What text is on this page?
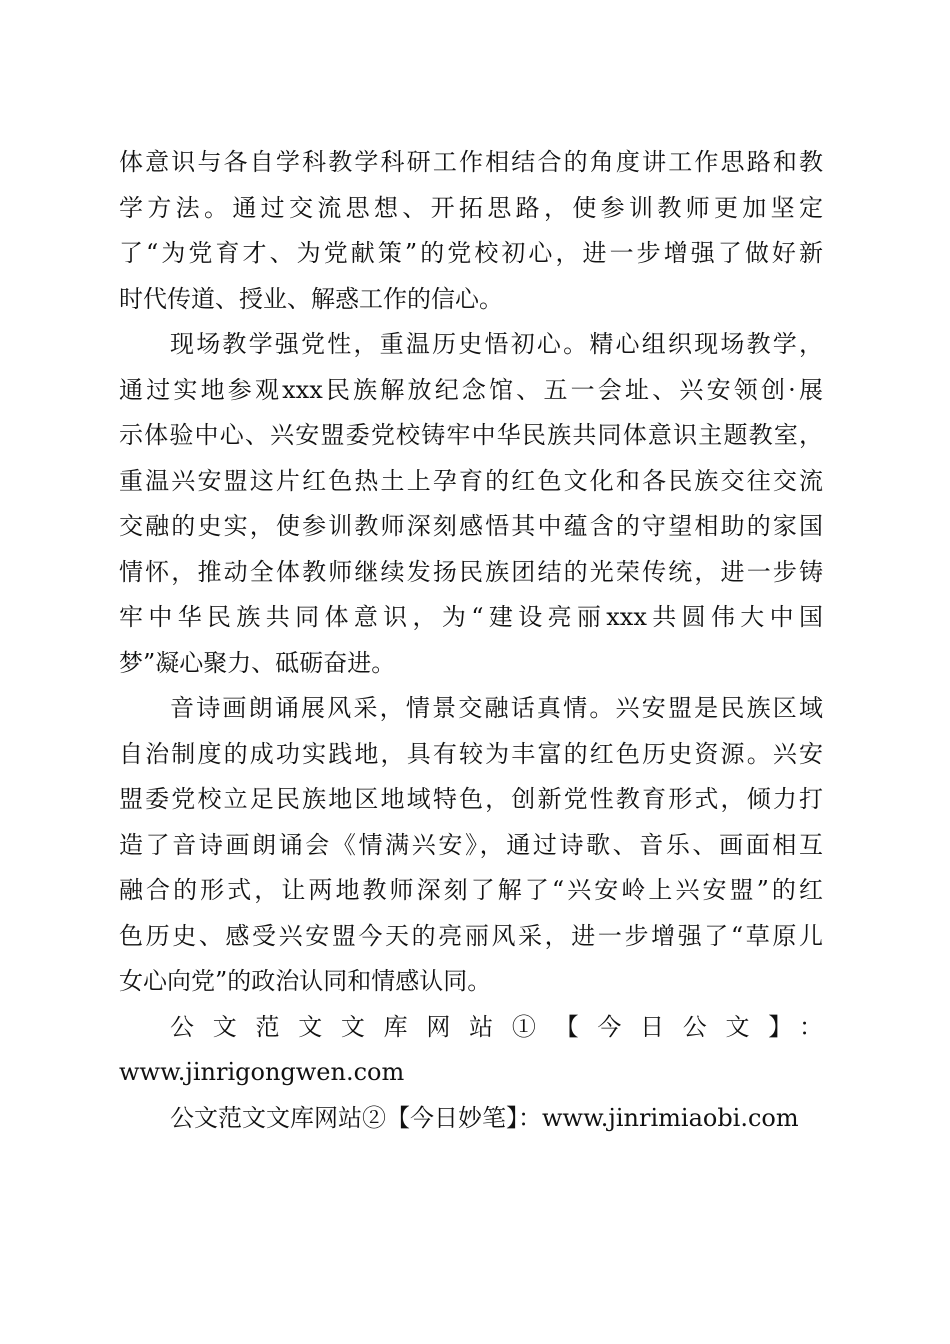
体意识与各自学科教学科研工作相结合的角度讲工作思路和教
学方法。通过交流思想、开拓思路，使参训教师更加坚定
了“为党育才、为党献策”的党校初心，进一步增强了做好新
时代传道、授业、解惑工作的信心。
现场教学强党性，重温历史悟初心。精心组织现场教学，
通过实地参观xxx民族解放纪念馆、五一会址、兴安领创·展
示体验中心、兴安盟委党校铸牢中华民族共同体意识主题教室，
重温兴安盟这片红色热土上孕育的红色文化和各民族交往交流
交融的史实，使参训教师深刻感悟其中蕴含的守望相助的家国
情怀，推动全体教师继续发扬民族团结的光荣传统，进一步铸
牢中华民族共同体意识，为“建设亮丽xxx共圆伟大中国
梦”凝心聚力、砥砺奋进。
音诗画朗诵展风采，情景交融话真情。兴安盟是民族区域
自治制度的成功实践地，具有较为丰富的红色历史资源。兴安
盟委党校立足民族地区地域特色，创新党性教育形式，倾力打
造了音诗画朗诵会《情满兴安》，通过诗歌、音乐、画面相互
融合的形式，让两地教师深刻了解了“兴安岭上兴安盟”的红
色历史、感受兴安盟今天的亮丽风采，进一步增强了“草原儿
女心向党”的政治认同和情感认同。
公文范文文库网站①【今日公文】：
www.jinrigongwen.com
公文范文文库网站②【今日妙笔】：www.jinrimiaobi.com
